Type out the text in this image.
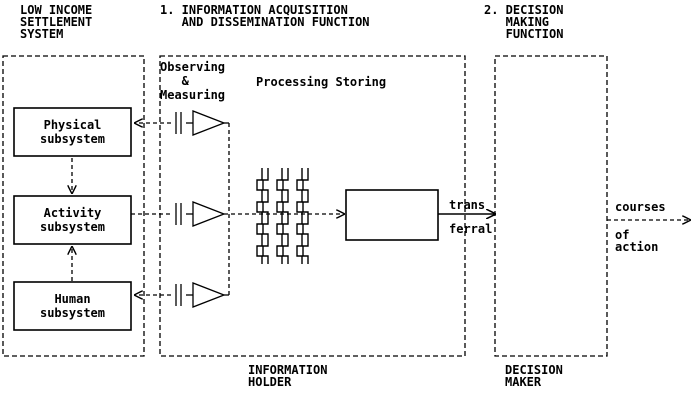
LOW INCOME
SETTLEMENT
SYSTEM
1. INFORMATION ACQUISITION
AND DISSEMINATION FUNCTION
2. DECISION
MAKING
FUNCTION
Observing
&
Measuring
Processing Storing
Physical
subsystem
Activity
subsystem
Human
subsystem
trans
ferral
courses
of
action
INFORMATION
HOLDER
DECISION
MAKER
